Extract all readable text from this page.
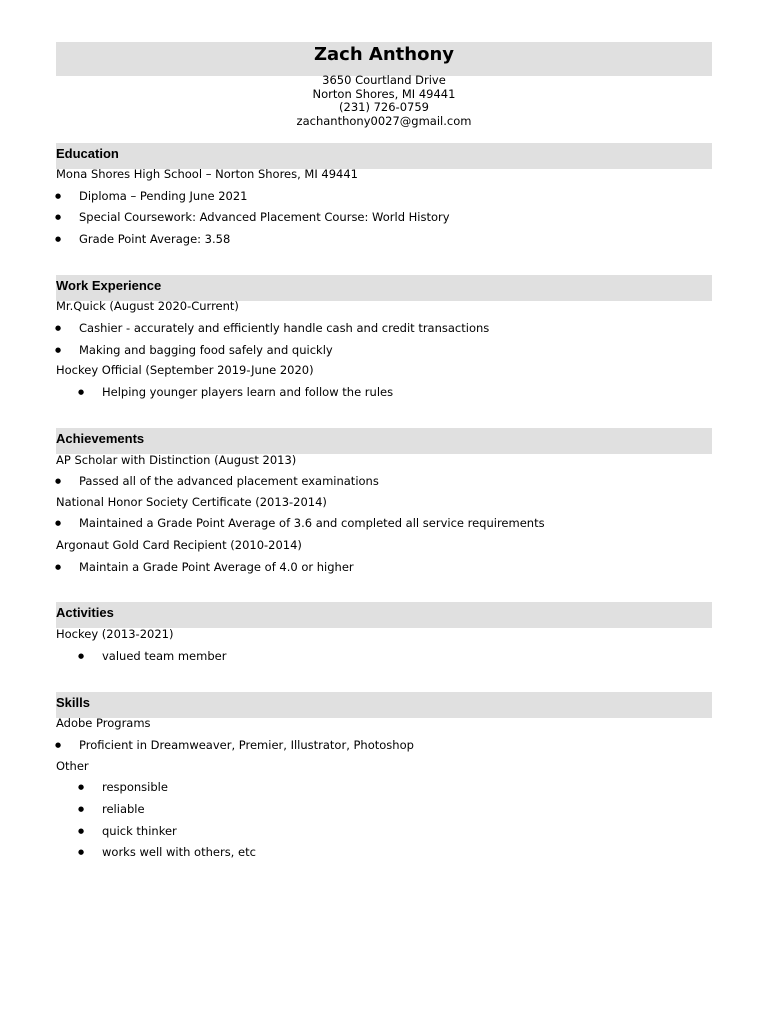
Zach Anthony
3650 Courtland Drive
Norton Shores, MI 49441
(231) 726-0759
zachanthony0027@gmail.com
Education
Mona Shores High School – Norton Shores, MI 49441
● Diploma – Pending June 2021
● Special Coursework: Advanced Placement Course: World History
● Grade Point Average: 3.58
Work Experience
Mr.Quick (August 2020-Current)
● Cashier - accurately and efficiently handle cash and credit transactions
● Making and bagging food safely and quickly
Hockey Official (September 2019-June 2020)
● Helping younger players learn and follow the rules
Achievements
AP Scholar with Distinction (August 2013)
● Passed all of the advanced placement examinations
National Honor Society Certificate (2013-2014)
● Maintained a Grade Point Average of 3.6 and completed all service requirements
Argonaut Gold Card Recipient (2010-2014)
● Maintain a Grade Point Average of 4.0 or higher
Activities
Hockey (2013-2021)
● valued team member
Skills
Adobe Programs
● Proficient in Dreamweaver, Premier, Illustrator, Photoshop
Other
● responsible
● reliable
● quick thinker
● works well with others, etc
